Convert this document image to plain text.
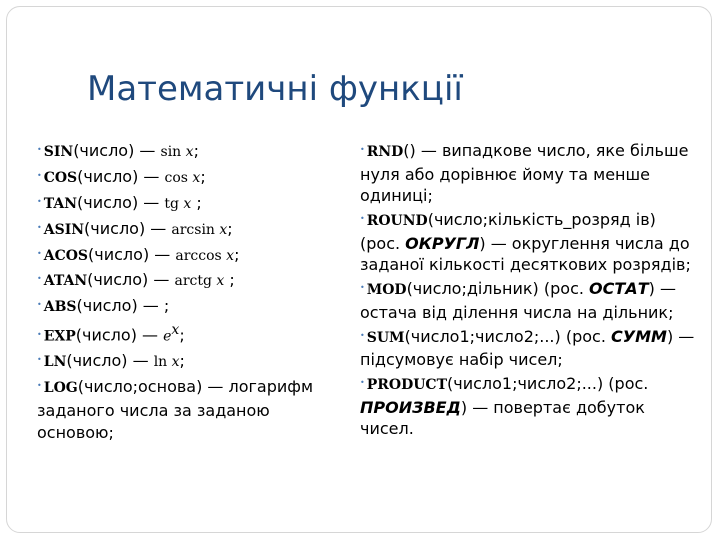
Математичні функції
• SIN(число) — sin x;
• COS(число) — cos x;
• TAN(число) — tg x ;
• ASIN(число) — arcsin x;
• ACOS(число) — arccos x;
• ATAN(число) — arctg x ;
• ABS(число) — ;
• EXP(число) — $e^x$;
• LN(число) — ln x;
• LOG(число;основа) — логарифм заданого числа за заданою основою;
• RND() — випадкове число, яке більше нуля або дорівнює йому та менше одиниці;
• ROUND(число;кількість_розряд ів) (рос. ОКРУГЛ) — округлення числа до заданої кількості десяткових розрядів;
• MOD(число;дільник) (рос. ОСТАТ) — остача від ділення числа на дільник;
• SUM(число1;число2;...) (рос. СУММ) — підсумовує набір чисел;
• PRODUCT(число1;число2;...) (рос. ПРОИЗВЕД) — повертає добуток чисел.
